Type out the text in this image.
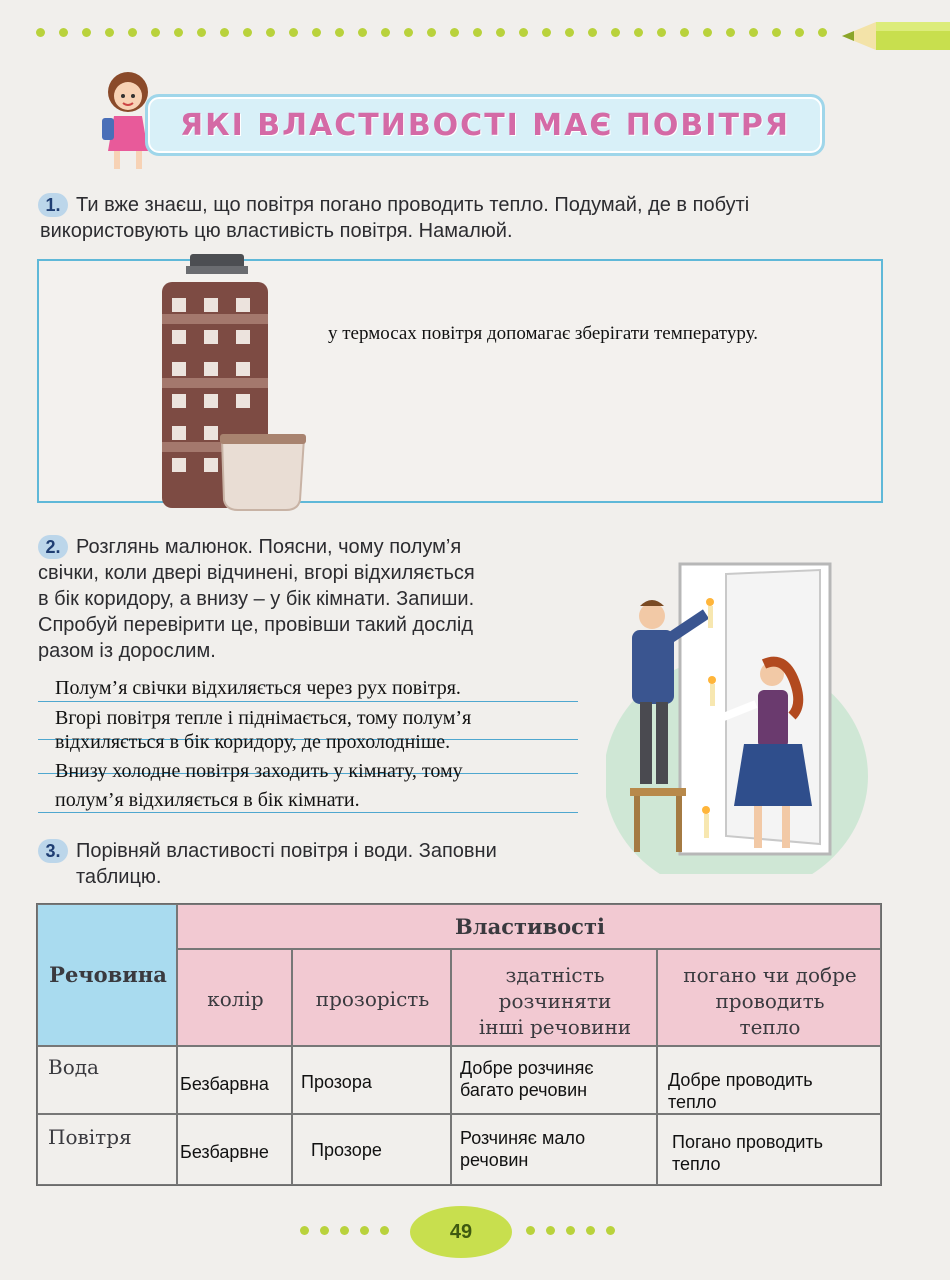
ЯКІ ВЛАСТИВОСТІ МАЄ ПОВІТРЯ
1. Ти вже знаєш, що повітря погано проводить тепло. Подумай, де в побуті
використовують цю властивість повітря. Намалюй.
у термосах повітря допомагає зберігати температуру.
2. Розглянь малюнок. Поясни, чому полум’я
свічки, коли двері відчинені, вгорі відхиляється
в бік коридору, а внизу – у бік кімнати. Запиши.
Спробуй перевірити це, провівши такий дослід
разом із дорослим.
Полум’я свічки відхиляється через рух повітря.
Вгорі повітря тепле і піднімається, тому полум’я
відхиляється в бік коридору, де прохолодніше.
Внизу холодне повітря заходить у кімнату, тому
полум’я відхиляється в бік кімнати.
3. Порівняй властивості повітря і води. Заповни
таблицю.
Речовина
Властивості
колір	прозорість
здатність
розчиняти
інші речовини
погано чи добре
проводить
тепло
Вода
Безбарвна Прозора
Добре розчиняє
багато речовин	Добре проводить
тепло
Повітря
Безбарвне Прозоре
Розчиняє мало
речовин
Погано проводить
тепло
49
